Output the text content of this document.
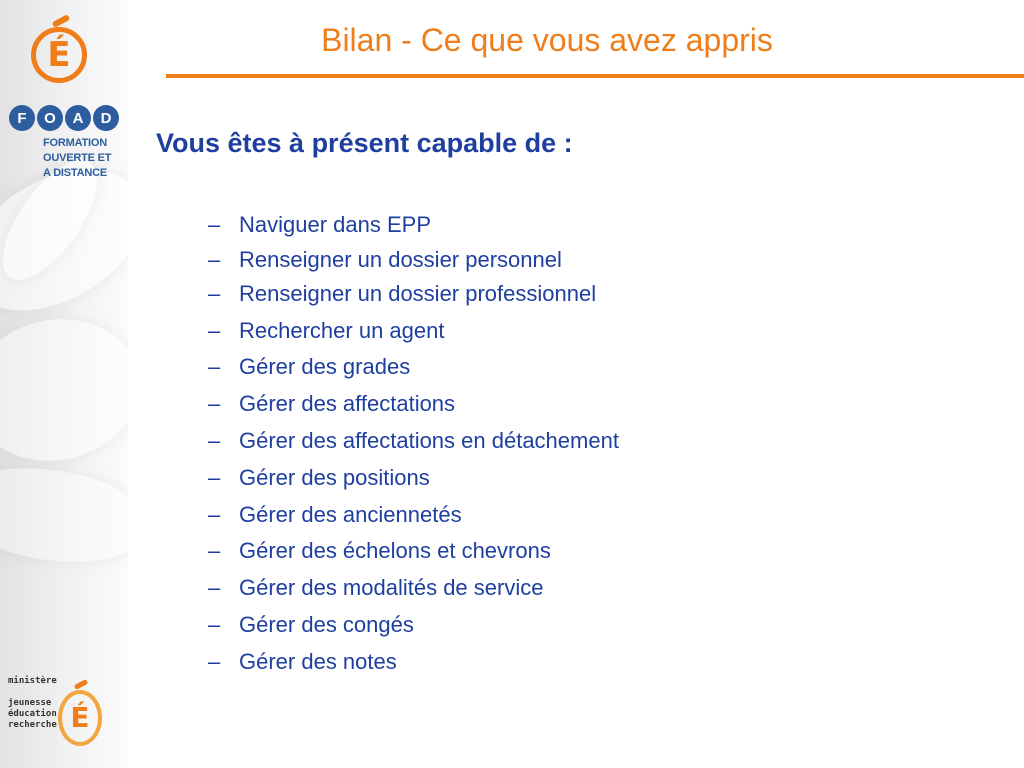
É
F	O	A	D
FORMATION
OUVERTE ET
A DISTANCE
ministère
jeunesse
éducation
recherche É
Bilan - Ce que vous avez appris
Vous êtes à présent capable de :
– Naviguer dans EPP
– Renseigner un dossier personnel
– Renseigner un dossier professionnel
– Rechercher un agent
– Gérer des grades
– Gérer des affectations
– Gérer des affectations en détachement
– Gérer des positions
– Gérer des anciennetés
– Gérer des échelons et chevrons
– Gérer des modalités de service
– Gérer des congés
– Gérer des notes
